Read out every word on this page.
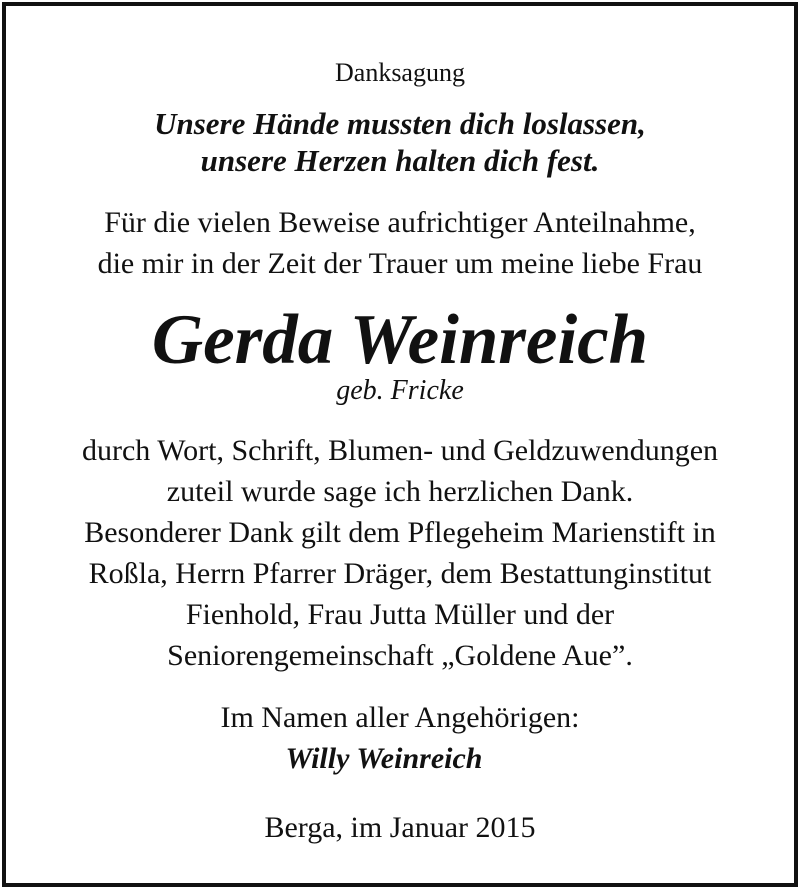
Danksagung
Unsere Hände mussten dich loslassen,
unsere Herzen halten dich fest.
Für die vielen Beweise aufrichtiger Anteilnahme,
die mir in der Zeit der Trauer um meine liebe Frau
Gerda Weinreich
geb. Fricke
durch Wort, Schrift, Blumen- und Geldzuwendungen
zuteil wurde sage ich herzlichen Dank.
Besonderer Dank gilt dem Pflegeheim Marienstift in
Roßla, Herrn Pfarrer Dräger, dem Bestattunginstitut
Fienhold, Frau Jutta Müller und der
Seniorengemeinschaft „Goldene Aue”.
Im Namen aller Angehörigen:
Willy Weinreich
Berga, im Januar 2015
